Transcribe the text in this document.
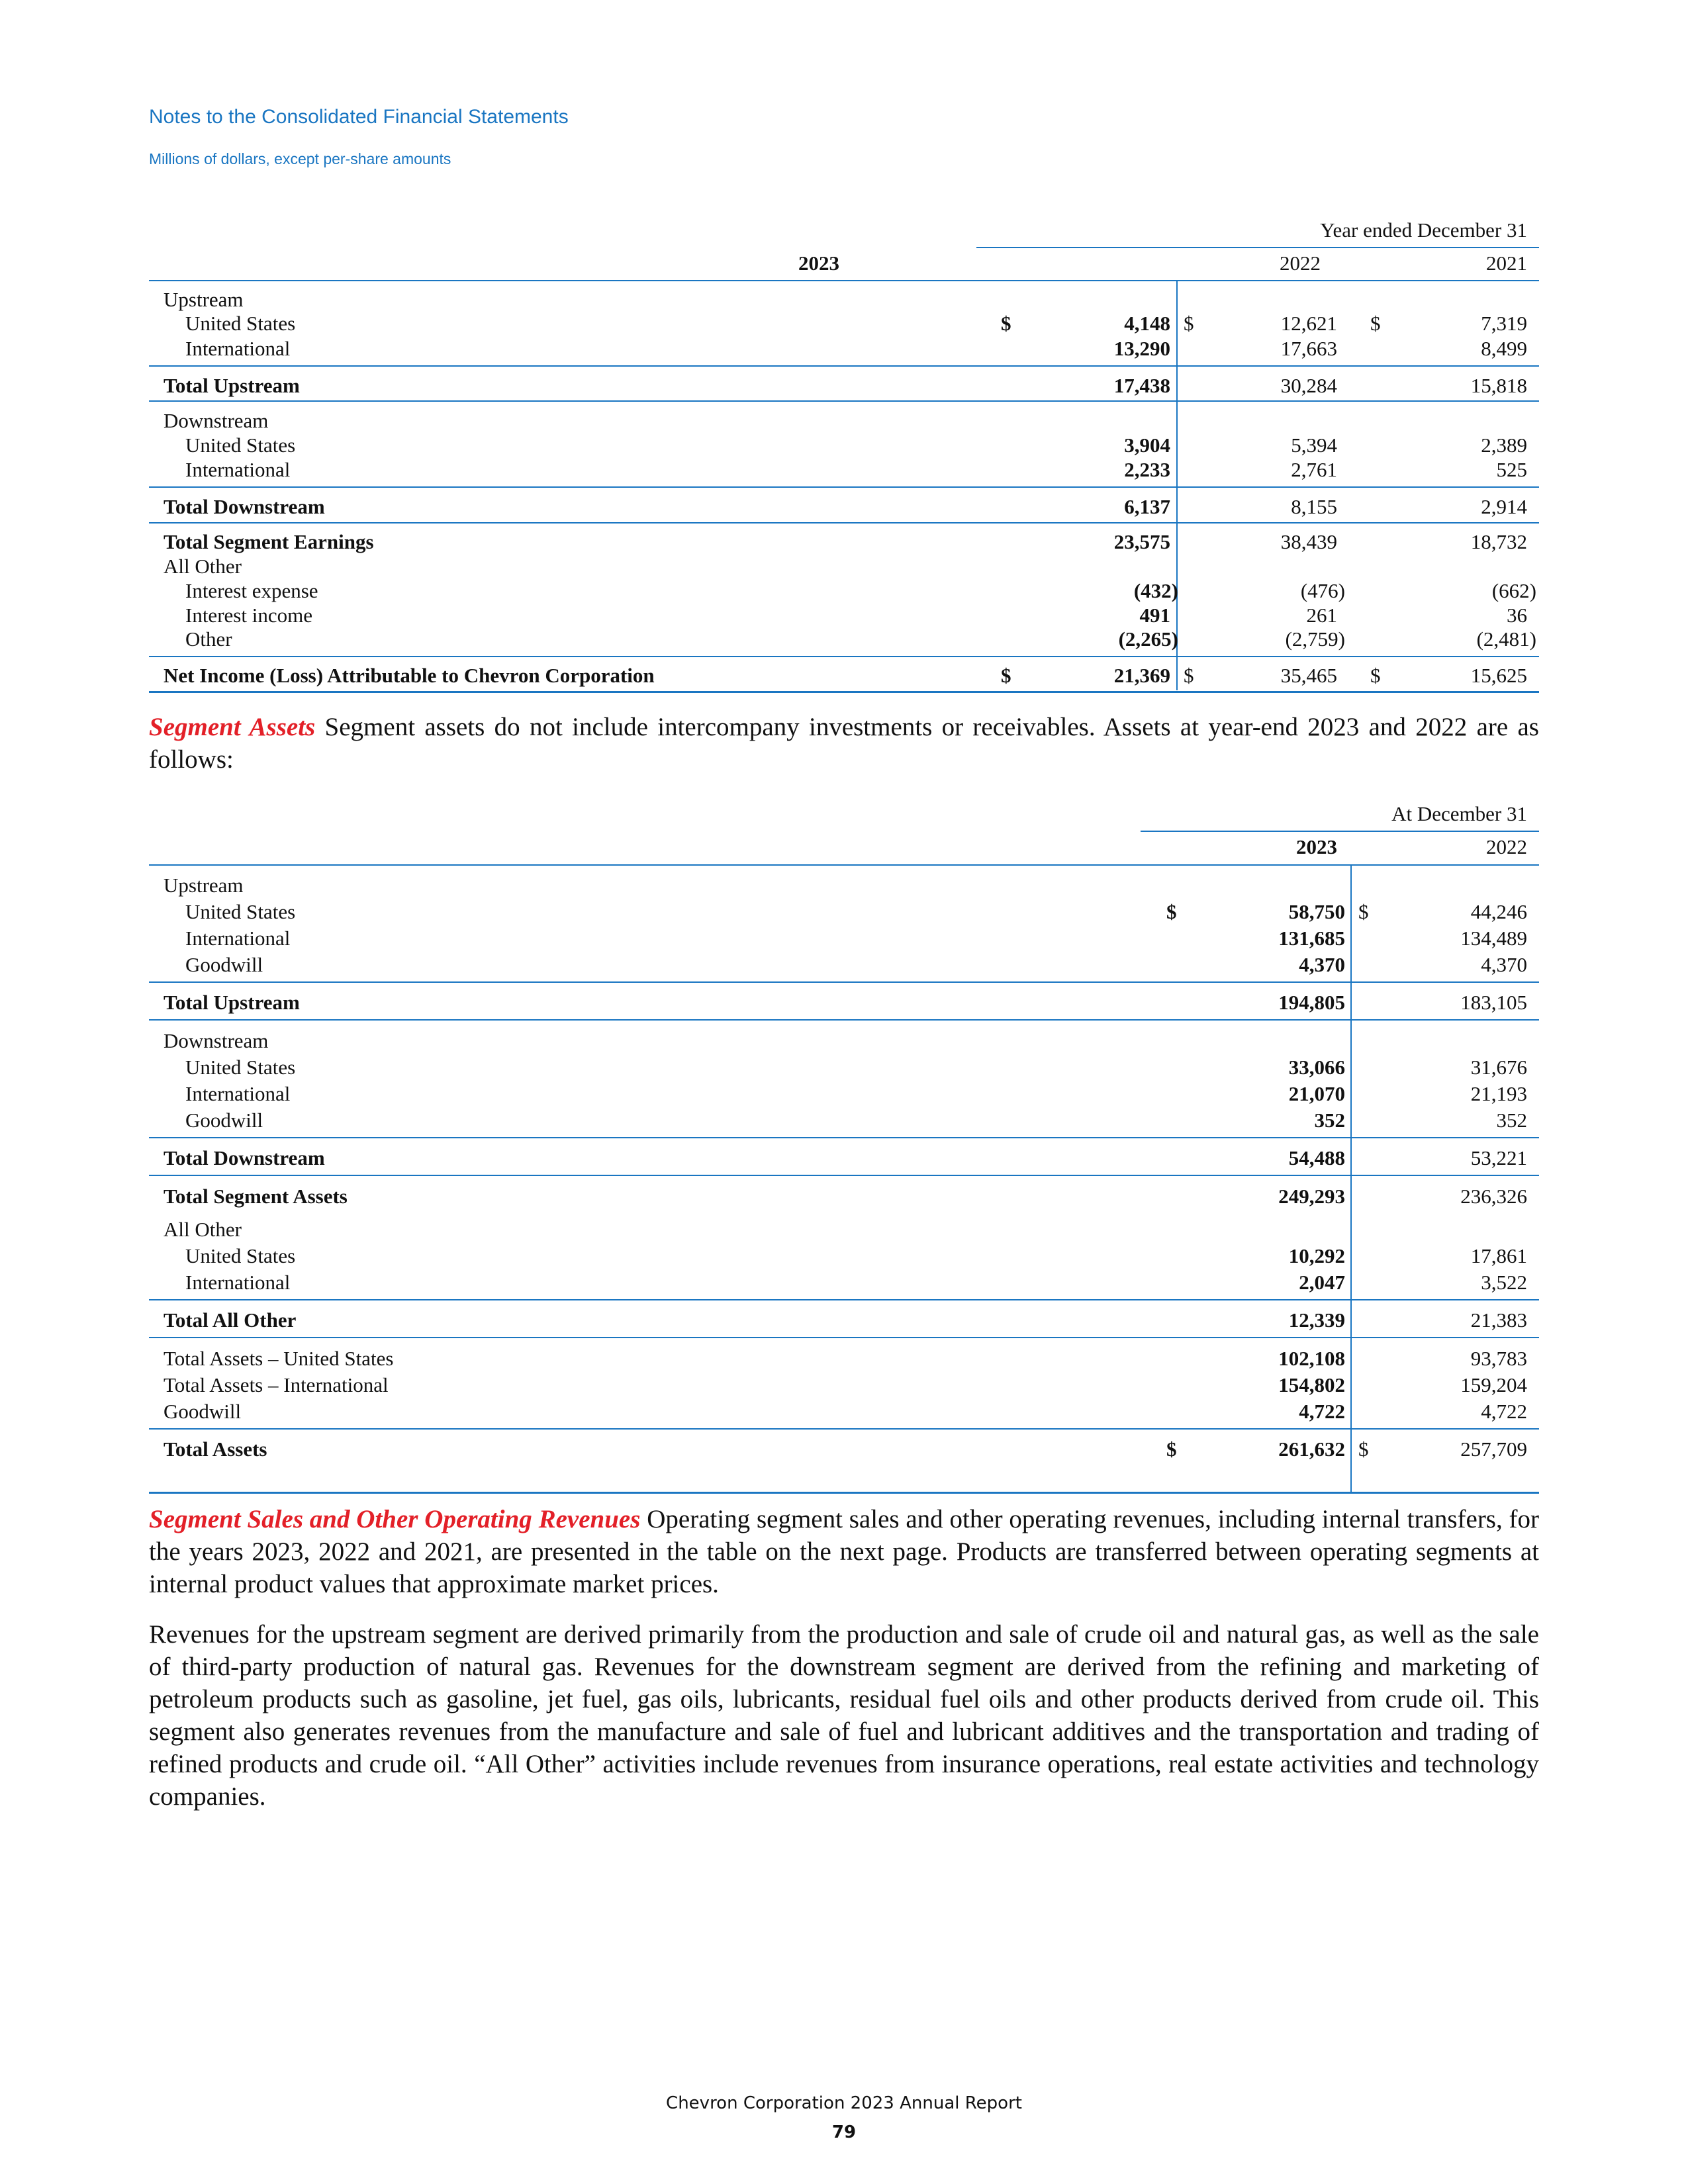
Notes to the Consolidated Financial Statements
Millions of dollars, except per-share amounts
Year ended December 31
2023	2022	2021
Upstream
United States	$	4,148 $	12,621 $	7,319
International	13,290	17,663	8,499
Total Upstream	17,438	30,284	15,818
Downstream
United States	3,904	5,394	2,389
International	2,233	2,761	525
Total Downstream	6,137	8,155	2,914
Total Segment Earnings	23,575	38,439	18,732
All Other
Interest expense	(432)	(476)	(662)
Interest income	491	261	36
Other	(2,265)	(2,759)	(2,481)
Net Income (Loss) Attributable to Chevron Corporation	$	21,369 $	35,465 $	15,625
Segment Assets Segment assets do not include intercompany investments or receivables. Assets at year-end 2023 and 2022 are as follows:
At December 31
2023	2022
Upstream
United States	$	58,750 $	44,246
International	131,685	134,489
Goodwill	4,370	4,370
Total Upstream	194,805	183,105
Downstream
United States	33,066	31,676
International	21,070	21,193
Goodwill	352	352
Total Downstream	54,488	53,221
Total Segment Assets	249,293	236,326
All Other
United States	10,292	17,861
International	2,047	3,522
Total All Other	12,339	21,383
Total Assets – United States	102,108	93,783
Total Assets – International	154,802	159,204
Goodwill	4,722	4,722
Total Assets	$	261,632 $	257,709
Segment Sales and Other Operating Revenues Operating segment sales and other operating revenues, including internal transfers, for the years 2023, 2022 and 2021, are presented in the table on the next page. Products are transferred between operating segments at internal product values that approximate market prices.
Revenues for the upstream segment are derived primarily from the production and sale of crude oil and natural gas, as well as the sale of third-party production of natural gas. Revenues for the downstream segment are derived from the refining and marketing of petroleum products such as gasoline, jet fuel, gas oils, lubricants, residual fuel oils and other products derived from crude oil. This segment also generates revenues from the manufacture and sale of fuel and lubricant additives and the transportation and trading of refined products and crude oil. “All Other” activities include revenues from insurance operations, real estate activities and technology companies.
Chevron Corporation 2023 Annual Report
79
